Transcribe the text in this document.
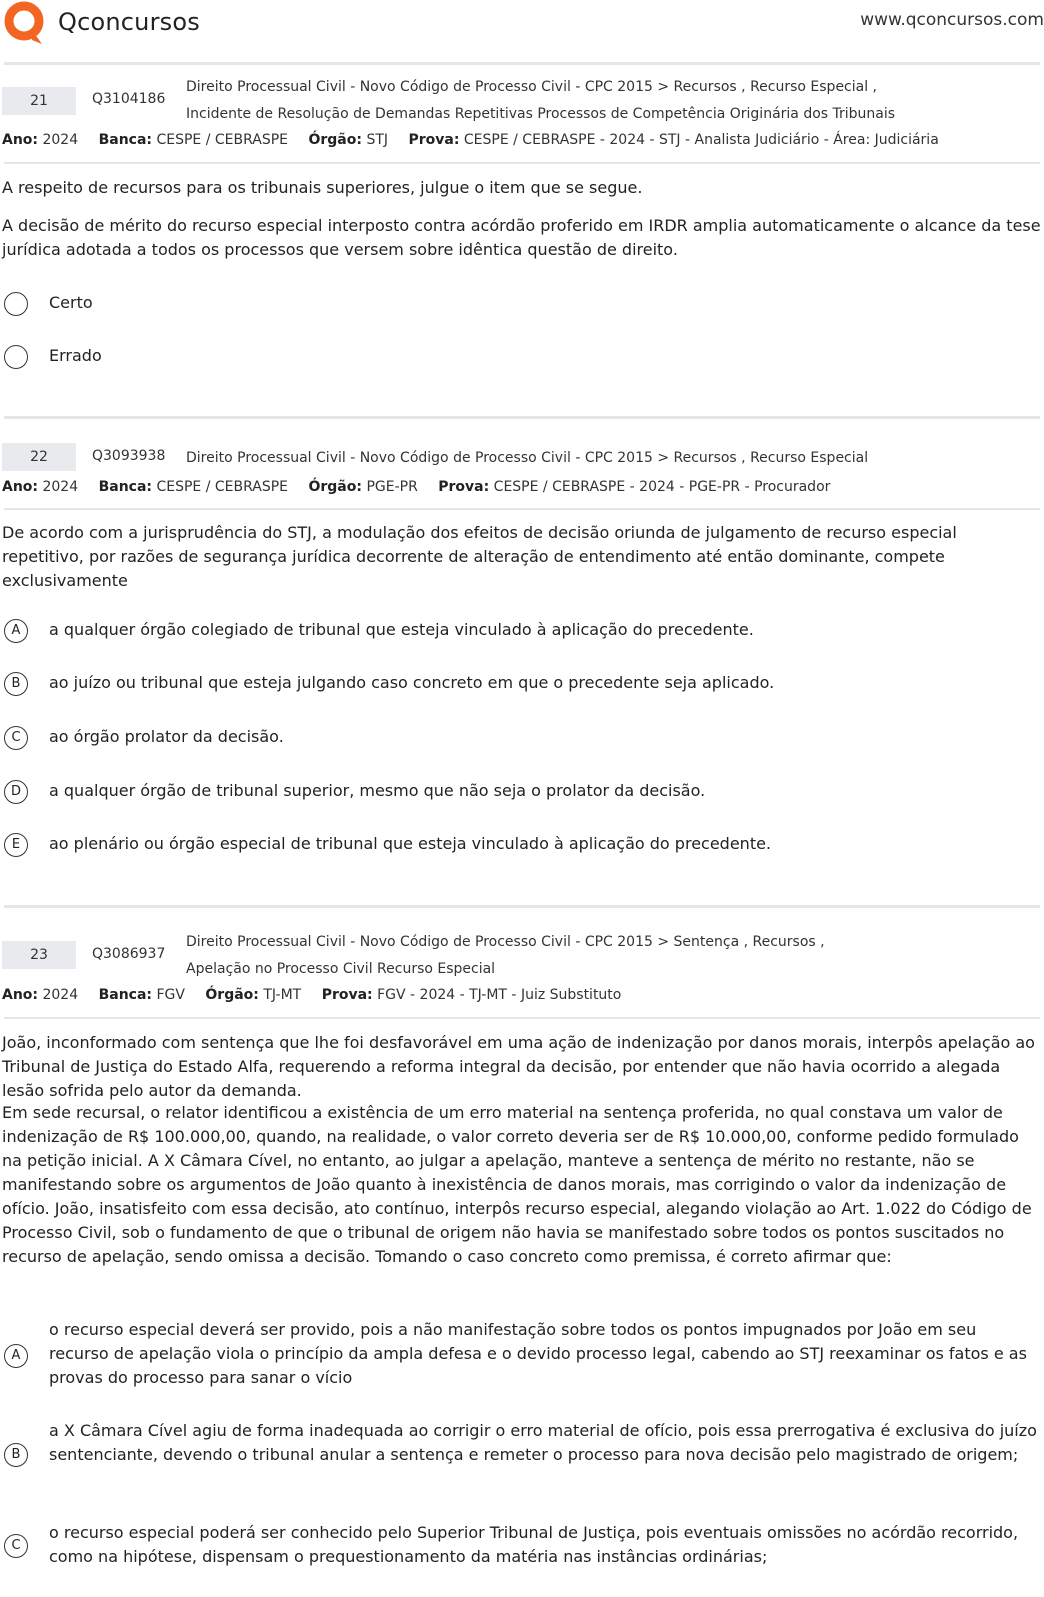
Qconcursos	www.qconcursos.com
21	Q3104186
Direito Processual Civil - Novo Código de Processo Civil - CPC 2015 > Recursos , Recurso Especial ,
Incidente de Resolução de Demandas Repetitivas Processos de Competência Originária dos Tribunais
Ano: 2024 Banca: CESPE / CEBRASPE Órgão: STJ Prova: CESPE / CEBRASPE - 2024 - STJ - Analista Judiciário - Área: Judiciária
A respeito de recursos para os tribunais superiores, julgue o item que se segue.
A decisão de mérito do recurso especial interposto contra acórdão proferido em IRDR amplia automaticamente o alcance da tese jurídica adotada a todos os processos que versem sobre idêntica questão de direito.
Certo
Errado
22	Q3093938 Direito Processual Civil - Novo Código de Processo Civil - CPC 2015 > Recursos , Recurso Especial
Ano: 2024 Banca: CESPE / CEBRASPE Órgão: PGE-PR Prova: CESPE / CEBRASPE - 2024 - PGE-PR - Procurador
De acordo com a jurisprudência do STJ, a modulação dos efeitos de decisão oriunda de julgamento de recurso especial repetitivo, por razões de segurança jurídica decorrente de alteração de entendimento até então dominante, compete exclusivamente
A	a qualquer órgão colegiado de tribunal que esteja vinculado à aplicação do precedente.
B	ao juízo ou tribunal que esteja julgando caso concreto em que o precedente seja aplicado.
C	ao órgão prolator da decisão.
D	a qualquer órgão de tribunal superior, mesmo que não seja o prolator da decisão.
E	ao plenário ou órgão especial de tribunal que esteja vinculado à aplicação do precedente.
23	Q3086937
Direito Processual Civil - Novo Código de Processo Civil - CPC 2015 > Sentença , Recursos ,
Apelação no Processo Civil Recurso Especial
Ano: 2024 Banca: FGV Órgão: TJ-MT Prova: FGV - 2024 - TJ-MT - Juiz Substituto
João, inconformado com sentença que lhe foi desfavorável em uma ação de indenização por danos morais, interpôs apelação ao Tribunal de Justiça do Estado Alfa, requerendo a reforma integral da decisão, por entender que não havia ocorrido a alegada lesão sofrida pelo autor da demanda.
Em sede recursal, o relator identificou a existência de um erro material na sentença proferida, no qual constava um valor de indenização de R$ 100.000,00, quando, na realidade, o valor correto deveria ser de R$ 10.000,00, conforme pedido formulado na petição inicial. A X Câmara Cível, no entanto, ao julgar a apelação, manteve a sentença de mérito no restante, não se manifestando sobre os argumentos de João quanto à inexistência de danos morais, mas corrigindo o valor da indenização de ofício. João, insatisfeito com essa decisão, ato contínuo, interpôs recurso especial, alegando violação ao Art. 1.022 do Código de Processo Civil, sob o fundamento de que o tribunal de origem não havia se manifestado sobre todos os pontos suscitados no recurso de apelação, sendo omissa a decisão. Tomando o caso concreto como premissa, é correto afirmar que:
A
o recurso especial deverá ser provido, pois a não manifestação sobre todos os pontos impugnados por João em seu recurso de apelação viola o princípio da ampla defesa e o devido processo legal, cabendo ao STJ reexaminar os fatos e as provas do processo para sanar o vício
B
a X Câmara Cível agiu de forma inadequada ao corrigir o erro material de ofício, pois essa prerrogativa é exclusiva do juízo sentenciante, devendo o tribunal anular a sentença e remeter o processo para nova decisão pelo magistrado de origem;
C
o recurso especial poderá ser conhecido pelo Superior Tribunal de Justiça, pois eventuais omissões no acórdão recorrido, como na hipótese, dispensam o prequestionamento da matéria nas instâncias ordinárias;
